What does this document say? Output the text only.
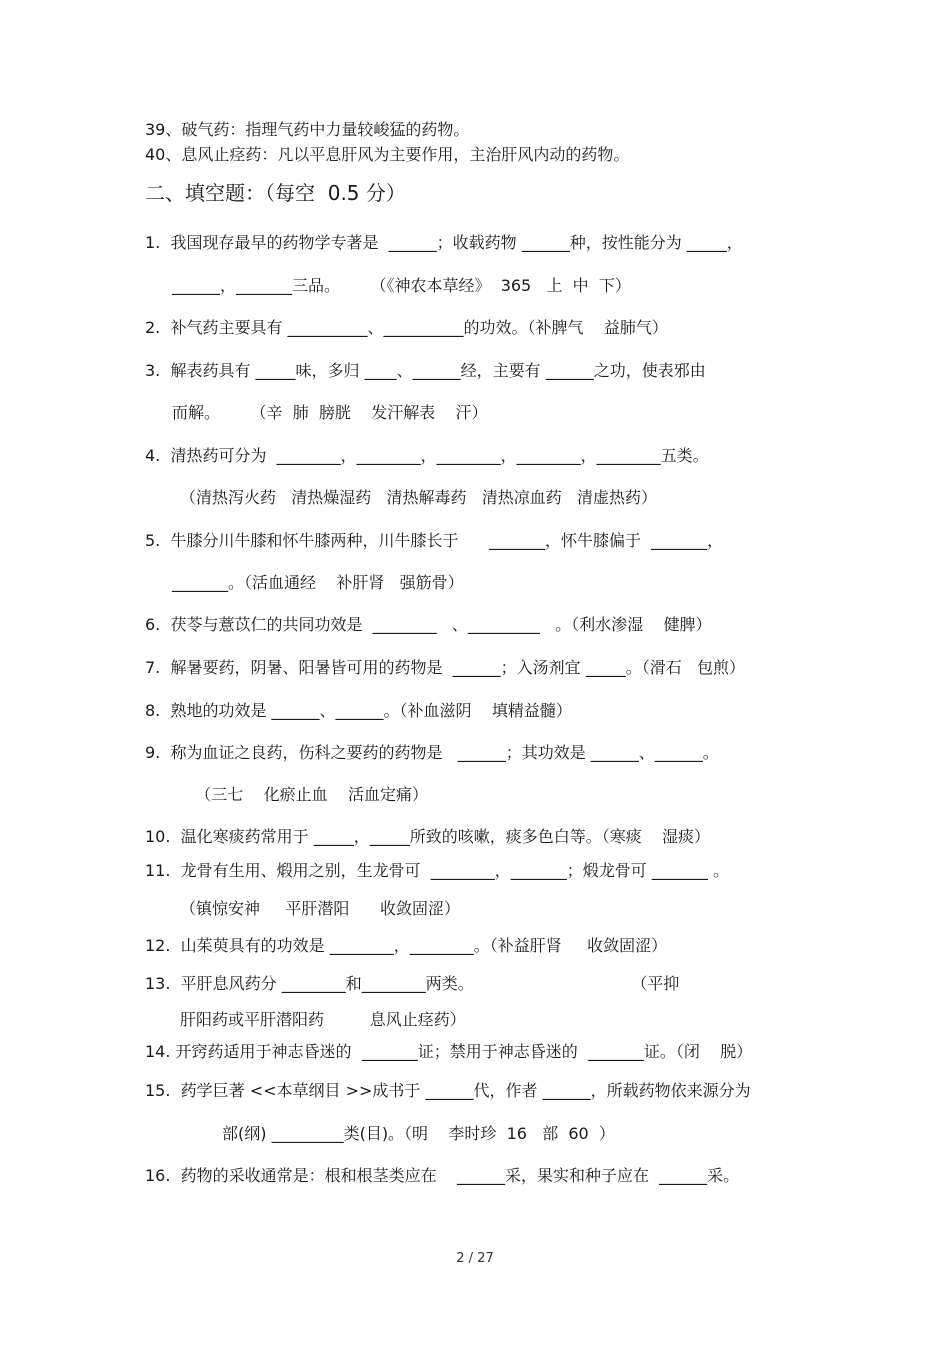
39、破气药：指理气药中力量较峻猛的药物。
40、息风止痉药：凡以平息肝风为主要作用，主治肝风内动的药物。
二、填空题：（每空  0.5 分）
1.  我国现存最早的药物学专著是  ______；收载药物 ______种，按性能分为 _____，
______，_______三品。      （《神农本草经》  365   上  中  下）
2.  补气药主要具有 __________、__________的功效。（补脾气    益肺气）
3.  解表药具有 _____味，多归 ____、______经，主要有 ______之功，使表邪由
而解。      （辛  肺  膀胱    发汗解表    汗）
4.  清热药可分为  ________，________，________，________，________五类。
（清热泻火药   清热燥湿药   清热解毒药   清热凉血药   清虚热药）
5.  牛膝分川牛膝和怀牛膝两种，川牛膝长于      _______，怀牛膝偏于  _______，
_______。（活血通经    补肝肾   强筋骨）
6.  茯苓与薏苡仁的共同功效是  ________   、_________   。（利水渗湿    健脾）
7.  解暑要药，阴暑、阳暑皆可用的药物是  ______；入汤剂宜 _____。（滑石   包煎）
8.  熟地的功效是 ______、______。（补血滋阴    填精益髓）
9.  称为血证之良药，伤科之要药的药物是   ______；其功效是 ______、______。
（三七    化瘀止血    活血定痛）
10.  温化寒痰药常用于 _____，_____所致的咳嗽，痰多色白等。（寒痰    湿痰）
11.  龙骨有生用、煅用之别，生龙骨可  ________，_______；煅龙骨可 _______ 。
（镇惊安神     平肝潜阳      收敛固涩）
12.  山茱萸具有的功效是 ________，________。（补益肝肾     收敛固涩）
13.  平肝息风药分 ________和________两类。                               （平抑
肝阳药或平肝潜阳药         息风止痉药）
14. 开窍药适用于神志昏迷的  _______证；禁用于神志昏迷的  _______证。（闭    脱）
15.  药学巨著 <<本草纲目 >>成书于 ______代，作者 ______，所载药物依来源分为
部(纲) _________类(目)。（明    李时珍  16   部  60  ）
16.  药物的采收通常是：根和根茎类应在    ______采，果实和种子应在  ______采。
2 / 27
